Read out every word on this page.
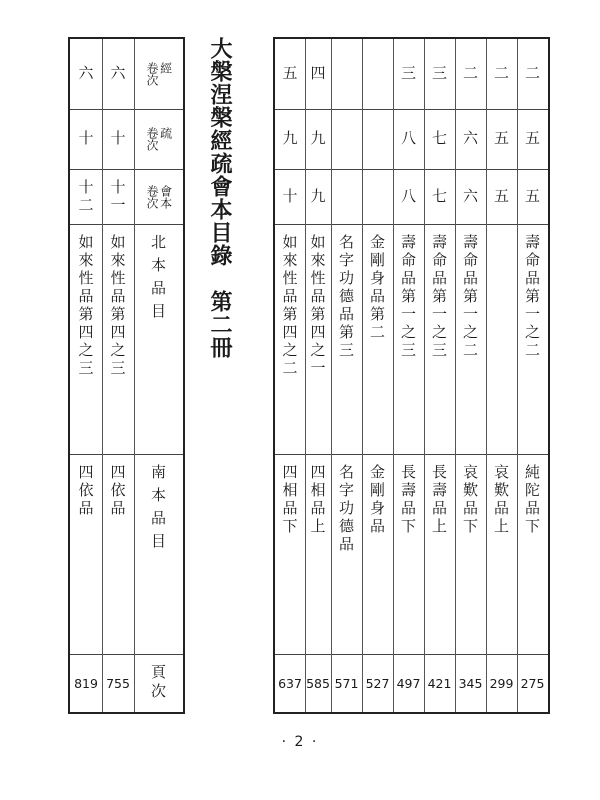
二
五
五
壽命品第一之二
純陀品下
275
二
五
五
哀歎品上
299
二
六
六
壽命品第一之二
哀歎品下
345
三
七
七
壽命品第一之三
長壽品上
421
三
八
八
壽命品第一之三
長壽品下
497
金剛身品第二
金剛身品
527
名字功德品第三
名字功德品
571
四
九
九
如來性品第四之一
四相品上
585
五
九
十
如來性品第四之二
四相品下
637
大槃涅槃經疏會本目錄　第二冊
六
十
十一
如來性品第四之三
四依品
755
六
十
十二
如來性品第四之三
四依品
819
經
卷次
疏
卷次
會本
卷次
北本品目
南本品目
頁次
· 2 ·
